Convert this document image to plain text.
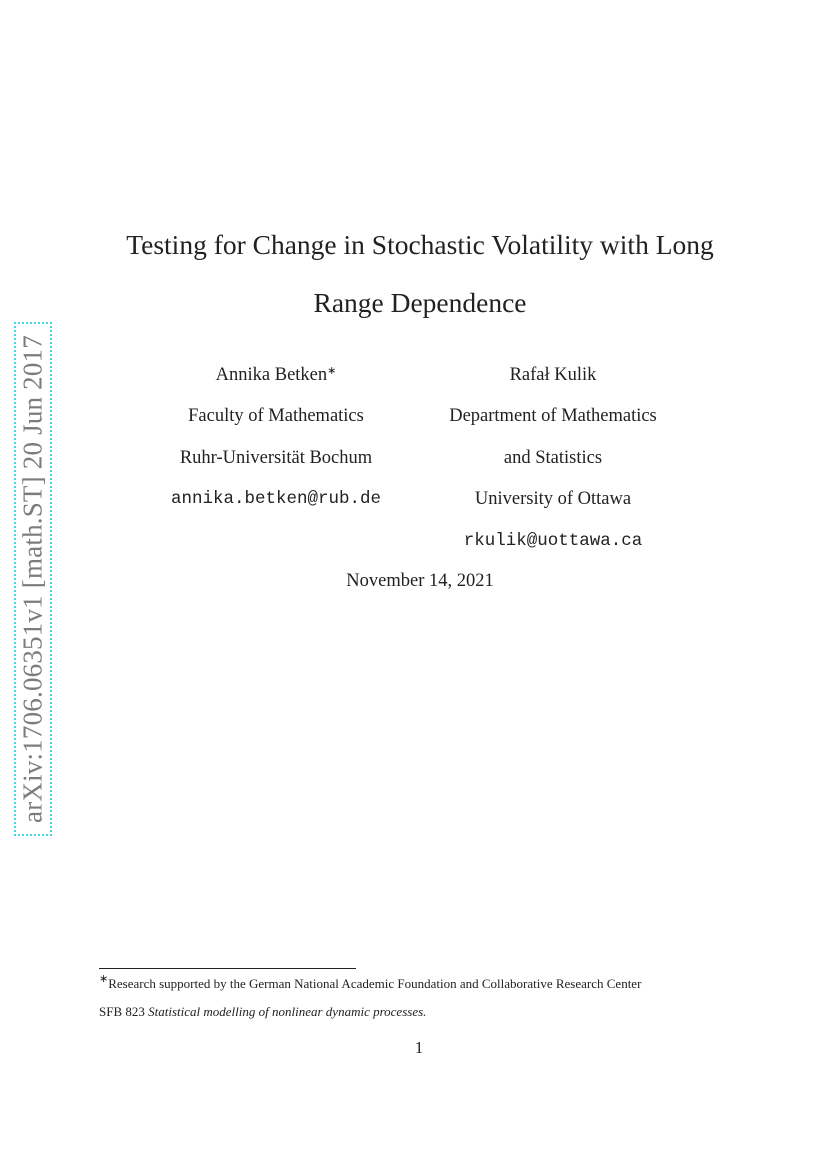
arXiv:1706.06351v1 [math.ST] 20 Jun 2017
Testing for Change in Stochastic Volatility with Long
Range Dependence
Annika Betken∗
Faculty of Mathematics
Ruhr-Universität Bochum
annika.betken@rub.de
Rafał Kulik
Department of Mathematics
and Statistics
University of Ottawa
rkulik@uottawa.ca
November 14, 2021
∗Research supported by the German National Academic Foundation and Collaborative Research Center
SFB 823 Statistical modelling of nonlinear dynamic processes.
1
